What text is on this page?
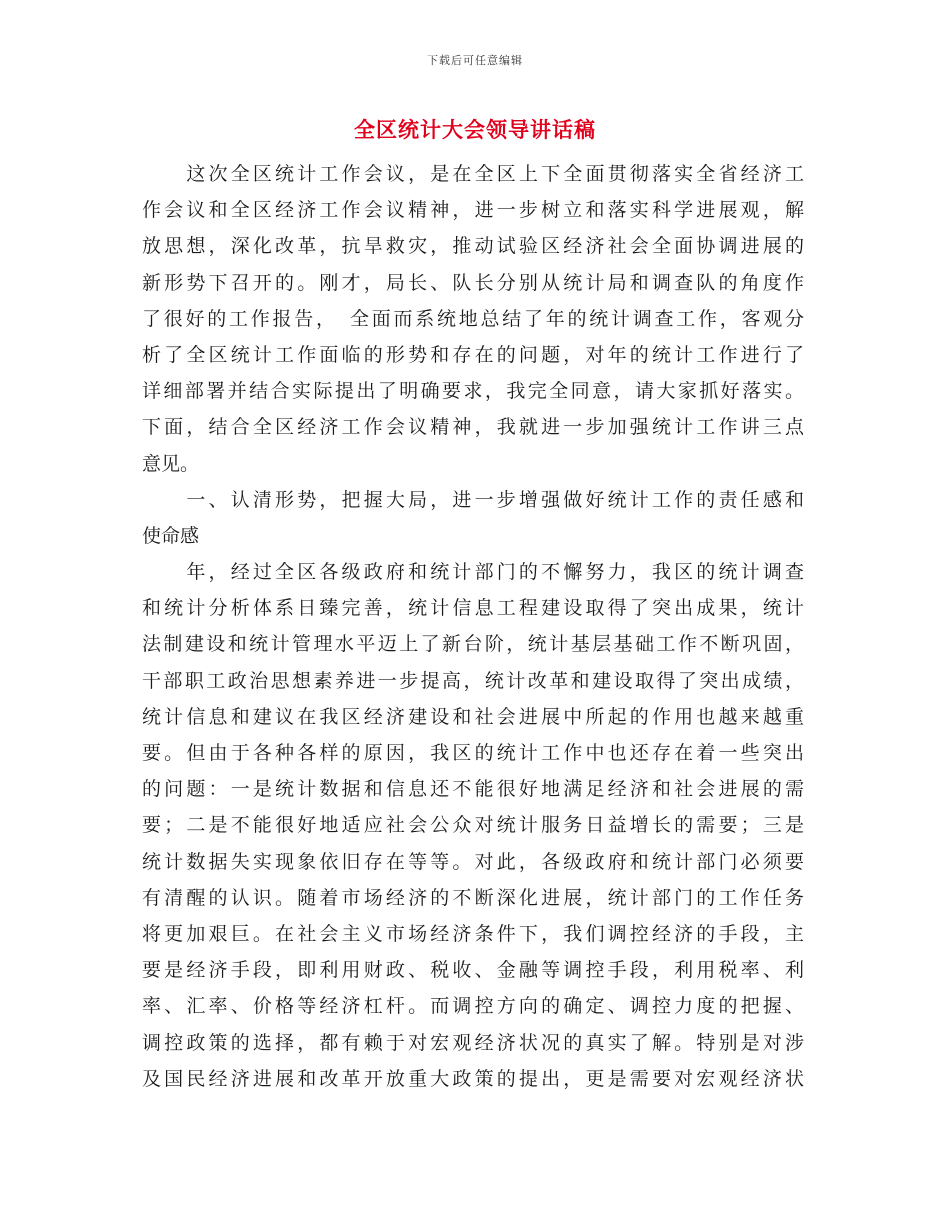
下载后可任意编辑
全区统计大会领导讲话稿
　　这次全区统计工作会议，是在全区上下全面贯彻落实全省经济工
作会议和全区经济工作会议精神，进一步树立和落实科学进展观，解
放思想，深化改革，抗旱救灾，推动试验区经济社会全面协调进展的
新形势下召开的。刚才，局长、队长分别从统计局和调查队的角度作
了很好的工作报告，　全面而系统地总结了年的统计调查工作，客观分
析了全区统计工作面临的形势和存在的问题，对年的统计工作进行了
详细部署并结合实际提出了明确要求，我完全同意，请大家抓好落实。
下面，结合全区经济工作会议精神，我就进一步加强统计工作讲三点
意见。
　　一、认清形势，把握大局，进一步增强做好统计工作的责任感和
使命感
　　年，经过全区各级政府和统计部门的不懈努力，我区的统计调查
和统计分析体系日臻完善，统计信息工程建设取得了突出成果，统计
法制建设和统计管理水平迈上了新台阶，统计基层基础工作不断巩固，
干部职工政治思想素养进一步提高，统计改革和建设取得了突出成绩，
统计信息和建议在我区经济建设和社会进展中所起的作用也越来越重
要。但由于各种各样的原因，我区的统计工作中也还存在着一些突出
的问题：一是统计数据和信息还不能很好地满足经济和社会进展的需
要；二是不能很好地适应社会公众对统计服务日益增长的需要；三是
统计数据失实现象依旧存在等等。对此，各级政府和统计部门必须要
有清醒的认识。随着市场经济的不断深化进展，统计部门的工作任务
将更加艰巨。在社会主义市场经济条件下，我们调控经济的手段，主
要是经济手段，即利用财政、税收、金融等调控手段，利用税率、利
率、汇率、价格等经济杠杆。而调控方向的确定、调控力度的把握、
调控政策的选择，都有赖于对宏观经济状况的真实了解。特别是对涉
及国民经济进展和改革开放重大政策的提出，更是需要对宏观经济状
